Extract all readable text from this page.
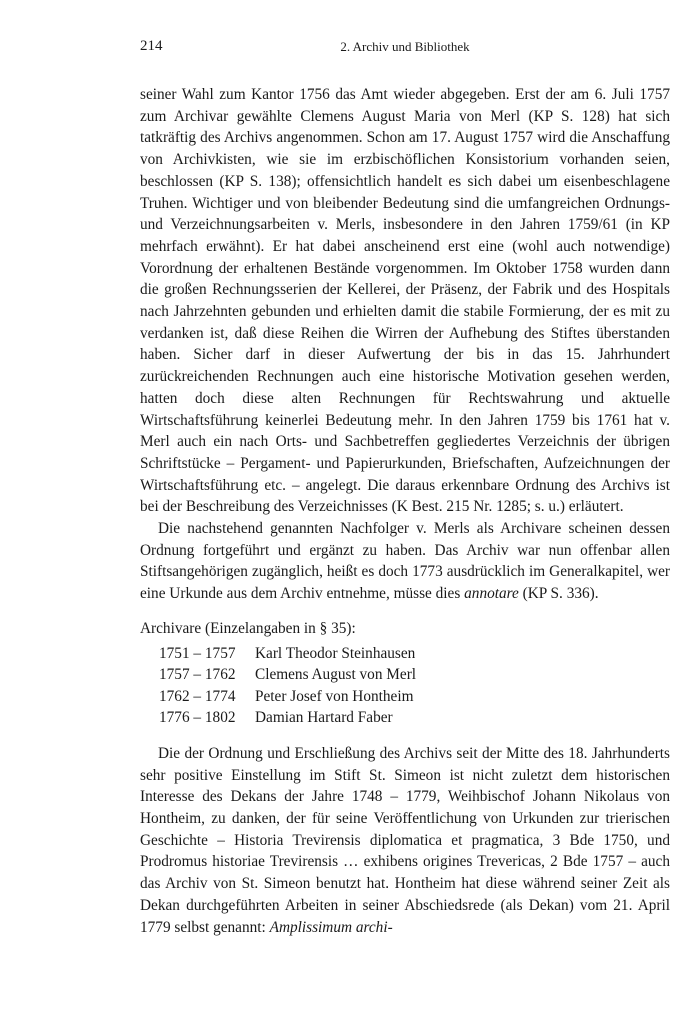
214	2. Archiv und Bibliothek

seiner Wahl zum Kantor 1756 das Amt wieder abgegeben. Erst der am 6. Juli 1757 zum Archivar gewählte Clemens August Maria von Merl (KP S. 128) hat sich tatkräftig des Archivs angenommen. Schon am 17. August 1757 wird die Anschaffung von Archivkisten, wie sie im erzbischöflichen Konsistorium vorhanden seien, beschlossen (KP S. 138); offensichtlich handelt es sich dabei um eisenbeschlagene Truhen. Wichtiger und von bleibender Bedeutung sind die umfangreichen Ordnungs- und Verzeichnungsarbeiten v. Merls, insbesondere in den Jahren 1759/61 (in KP mehrfach erwähnt). Er hat dabei anscheinend erst eine (wohl auch notwendige) Vorordnung der erhaltenen Bestände vorgenommen. Im Oktober 1758 wurden dann die großen Rechnungsserien der Kellerei, der Präsenz, der Fabrik und des Hospitals nach Jahrzehnten gebunden und erhielten damit die stabile Formierung, der es mit zu verdanken ist, daß diese Reihen die Wirren der Aufhebung des Stiftes überstanden haben. Sicher darf in dieser Aufwertung der bis in das 15. Jahrhundert zurückreichenden Rechnungen auch eine historische Motivation gesehen werden, hatten doch diese alten Rechnungen für Rechtswahrung und aktuelle Wirtschaftsführung keinerlei Bedeutung mehr. In den Jahren 1759 bis 1761 hat v. Merl auch ein nach Orts- und Sachbetreffen gegliedertes Verzeichnis der übrigen Schriftstücke – Pergament- und Papierurkunden, Briefschaften, Aufzeichnungen der Wirtschaftsführung etc. – angelegt. Die daraus erkennbare Ordnung des Archivs ist bei der Beschreibung des Verzeichnisses (K Best. 215 Nr. 1285; s. u.) erläutert.

Die nachstehend genannten Nachfolger v. Merls als Archivare scheinen dessen Ordnung fortgeführt und ergänzt zu haben. Das Archiv war nun offenbar allen Stiftsangehörigen zugänglich, heißt es doch 1773 ausdrücklich im Generalkapitel, wer eine Urkunde aus dem Archiv entnehme, müsse dies annotare (KP S. 336).

Archivare (Einzelangaben in § 35):

1751 – 1757	Karl Theodor Steinhausen
1757 – 1762	Clemens August von Merl
1762 – 1774	Peter Josef von Hontheim
1776 – 1802	Damian Hartard Faber

Die der Ordnung und Erschließung des Archivs seit der Mitte des 18. Jahrhunderts sehr positive Einstellung im Stift St. Simeon ist nicht zuletzt dem historischen Interesse des Dekans der Jahre 1748 – 1779, Weihbischof Johann Nikolaus von Hontheim, zu danken, der für seine Veröffentlichung von Urkunden zur trierischen Geschichte – Historia Trevirensis diplomatica et pragmatica, 3 Bde 1750, und Prodromus historiae Trevirensis … exhibens origines Trevericas, 2 Bde 1757 – auch das Archiv von St. Simeon benutzt hat. Hontheim hat diese während seiner Zeit als Dekan durchgeführten Arbeiten in seiner Abschiedsrede (als Dekan) vom 21. April 1779 selbst genannt: Amplissimum archi-
